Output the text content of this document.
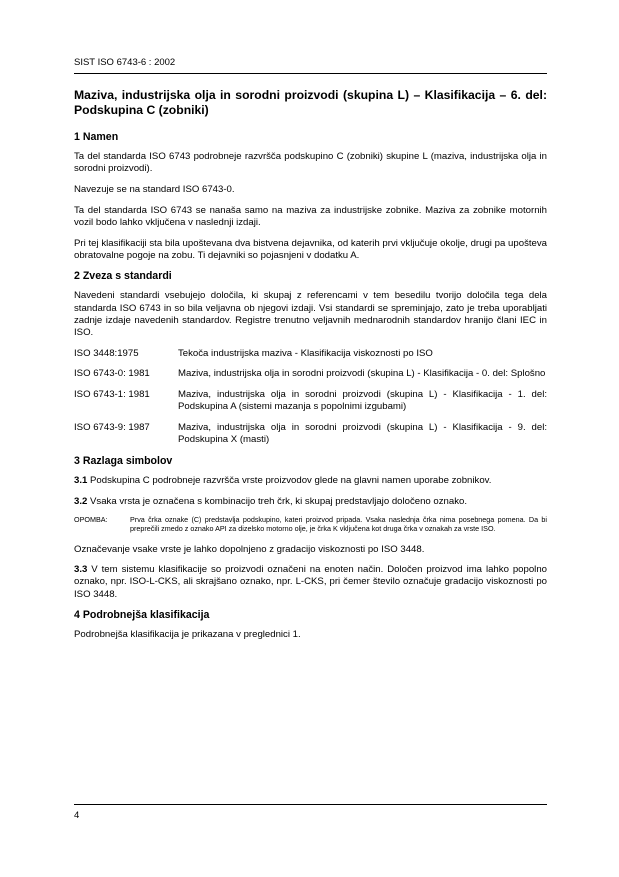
SIST ISO 6743-6 : 2002
Maziva, industrijska olja in sorodni proizvodi (skupina L) – Klasifikacija – 6. del: Podskupina C (zobniki)
1 Namen

Ta del standarda ISO 6743 podrobneje razvršča podskupino C (zobniki) skupine L (maziva, industrijska olja in sorodni proizvodi).

Navezuje se na standard ISO 6743-0.

Ta del standarda ISO 6743 se nanaša samo na maziva za industrijske zobnike. Maziva za zobnike motornih vozil bodo lahko vključena v naslednji izdaji.

Pri tej klasifikaciji sta bila upoštevana dva bistvena dejavnika, od katerih prvi vključuje okolje, drugi pa upošteva obratovalne pogoje na zobu. Ti dejavniki so pojasnjeni v dodatku A.

2 Zveza s standardi

Navedeni standardi vsebujejo določila, ki skupaj z referencami v tem besedilu tvorijo določila tega dela standarda ISO 6743 in so bila veljavna ob njegovi izdaji. Vsi standardi se spreminjajo, zato je treba uporabljati zadnje izdaje navedenih standardov. Registre trenutno veljavnih mednarodnih standardov hranijo člani IEC in ISO.

ISO 3448:1975	Tekoča industrijska maziva - Klasifikacija viskoznosti po ISO
ISO 6743-0: 1981	Maziva, industrijska olja in sorodni proizvodi (skupina L) - Klasifikacija - 0. del: Splošno
ISO 6743-1: 1981	Maziva, industrijska olja in sorodni proizvodi (skupina L) - Klasifikacija - 1. del: Podskupina A (sistemi mazanja s popolnimi izgubami)
ISO 6743-9: 1987	Maziva, industrijska olja in sorodni proizvodi (skupina L) - Klasifikacija - 9. del: Podskupina X (masti)
3 Razlaga simbolov

3.1 Podskupina C podrobneje razvršča vrste proizvodov glede na glavni namen uporabe zobnikov.

3.2 Vsaka vrsta je označena s kombinacijo treh črk, ki skupaj predstavljajo določeno oznako.

OPOMBA:	Prva črka oznake (C) predstavlja podskupino, kateri proizvod pripada. Vsaka naslednja črka nima posebnega pomena. Da bi preprečili zmedo z oznako API za dizelsko motorno olje, je črka K vključena kot druga črka v oznakah za vrste ISO.

Označevanje vsake vrste je lahko dopolnjeno z gradacijo viskoznosti po ISO 3448.

3.3 V tem sistemu klasifikacije so proizvodi označeni na enoten način. Določen proizvod ima lahko popolno oznako, npr. ISO-L-CKS, ali skrajšano oznako, npr. L-CKS, pri čemer število označuje gradacijo viskoznosti po ISO 3448.

4 Podrobnejša klasifikacija

Podrobnejša klasifikacija je prikazana v preglednici 1.

4
